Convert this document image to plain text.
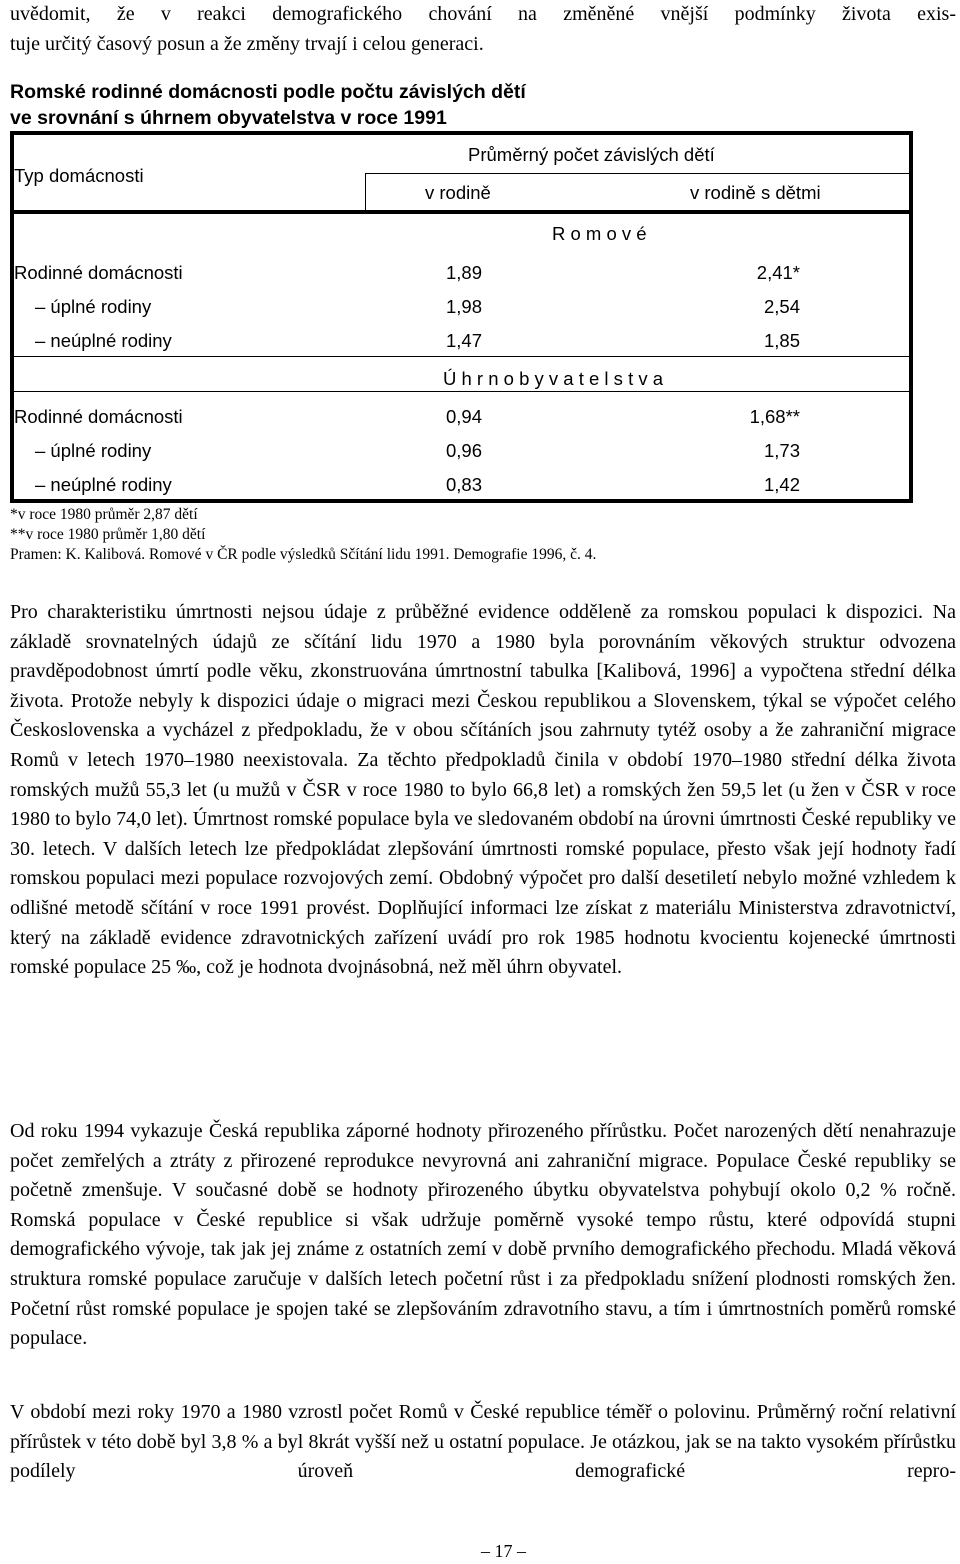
uvědomit, že v reakci demografického chování na změněné vnější podmínky života exis-
tuje určitý časový posun a že změny trvají i celou generaci.
Romské rodinné domácnosti podle počtu závislých dětí
ve srovnání s úhrnem obyvatelstva v roce 1991
Typ domácnosti
Průměrný počet závislých dětí
v rodině	v rodině s dětmi
R o m o v é
Rodinné domácnosti	1,89	2,41*
– úplné rodiny	1,98	2,54
– neúplné rodiny	1,47	1,85
Ú h r n o b y v a t e l s t v a
Rodinné domácnosti	0,94	1,68**
– úplné rodiny	0,96	1,73
– neúplné rodiny	0,83	1,42
*v roce 1980 průměr 2,87 dětí
**v roce 1980 průměr 1,80 dětí
Pramen: K. Kalibová. Romové v ČR podle výsledků Sčítání lidu 1991. Demografie 1996, č. 4.

Pro charakteristiku úmrtnosti nejsou údaje z průběžné evidence odděleně za romskou populaci k dispozici. Na základě srovnatelných údajů ze sčítání lidu 1970 a 1980 byla porovnáním věkových struktur odvozena pravděpodobnost úmrtí podle věku, zkonstruována úmrtnostní tabulka [Kalibová, 1996] a vypočtena střední délka života. Protože nebyly k dispozici údaje o migraci mezi Českou republikou a Slovenskem, týkal se výpočet celého Československa a vycházel z předpokladu, že v obou sčítáních jsou zahrnuty tytéž osoby a že zahraniční migrace Romů v letech 1970–1980 neexistovala. Za těchto předpokladů činila v období 1970–1980 střední délka života romských mužů 55,3 let (u mužů v ČSR v roce 1980 to bylo 66,8 let) a romských žen 59,5 let (u žen v ČSR v roce 1980 to bylo 74,0 let). Úmrtnost romské populace byla ve sledovaném období na úrovni úmrtnosti České republiky ve 30. letech. V dalších letech lze předpokládat zlepšování úmrtnosti romské populace, přesto však její hodnoty řadí romskou populaci mezi populace rozvojových zemí. Obdobný výpočet pro další desetiletí nebylo možné vzhledem k odlišné metodě sčítání v roce 1991 provést. Doplňující informaci lze získat z materiálu Ministerstva zdravotnictví, který na základě evidence zdravotnických zařízení uvádí pro rok 1985 hodnotu kvocientu kojenecké úmrtnosti romské populace 25 ‰, což je hodnota dvojnásobná, než měl úhrn obyvatel.

Od roku 1994 vykazuje Česká republika záporné hodnoty přirozeného přírůstku. Počet narozených dětí nenahrazuje počet zemřelých a ztráty z přirozené reprodukce nevyrovná ani zahraniční migrace. Populace České republiky se početně zmenšuje. V současné době se hodnoty přirozeného úbytku obyvatelstva pohybují okolo 0,2 % ročně. Romská populace v České republice si však udržuje poměrně vysoké tempo růstu, které odpovídá stupni demografického vývoje, tak jak jej známe z ostatních zemí v době prvního demografického přechodu. Mladá věková struktura romské populace zaručuje v dalších letech početní růst i za předpokladu snížení plodnosti romských žen. Početní růst romské populace je spojen také se zlepšováním zdravotního stavu, a tím i úmrtnostních poměrů romské populace.

V období mezi roky 1970 a 1980 vzrostl počet Romů v České republice téměř o polovinu. Průměrný roční relativní přírůstek v této době byl 3,8 % a byl 8krát vyšší než u ostatní populace. Je otázkou, jak se na takto vysokém přírůstku podílely úroveň demografické repro-

– 17 –
